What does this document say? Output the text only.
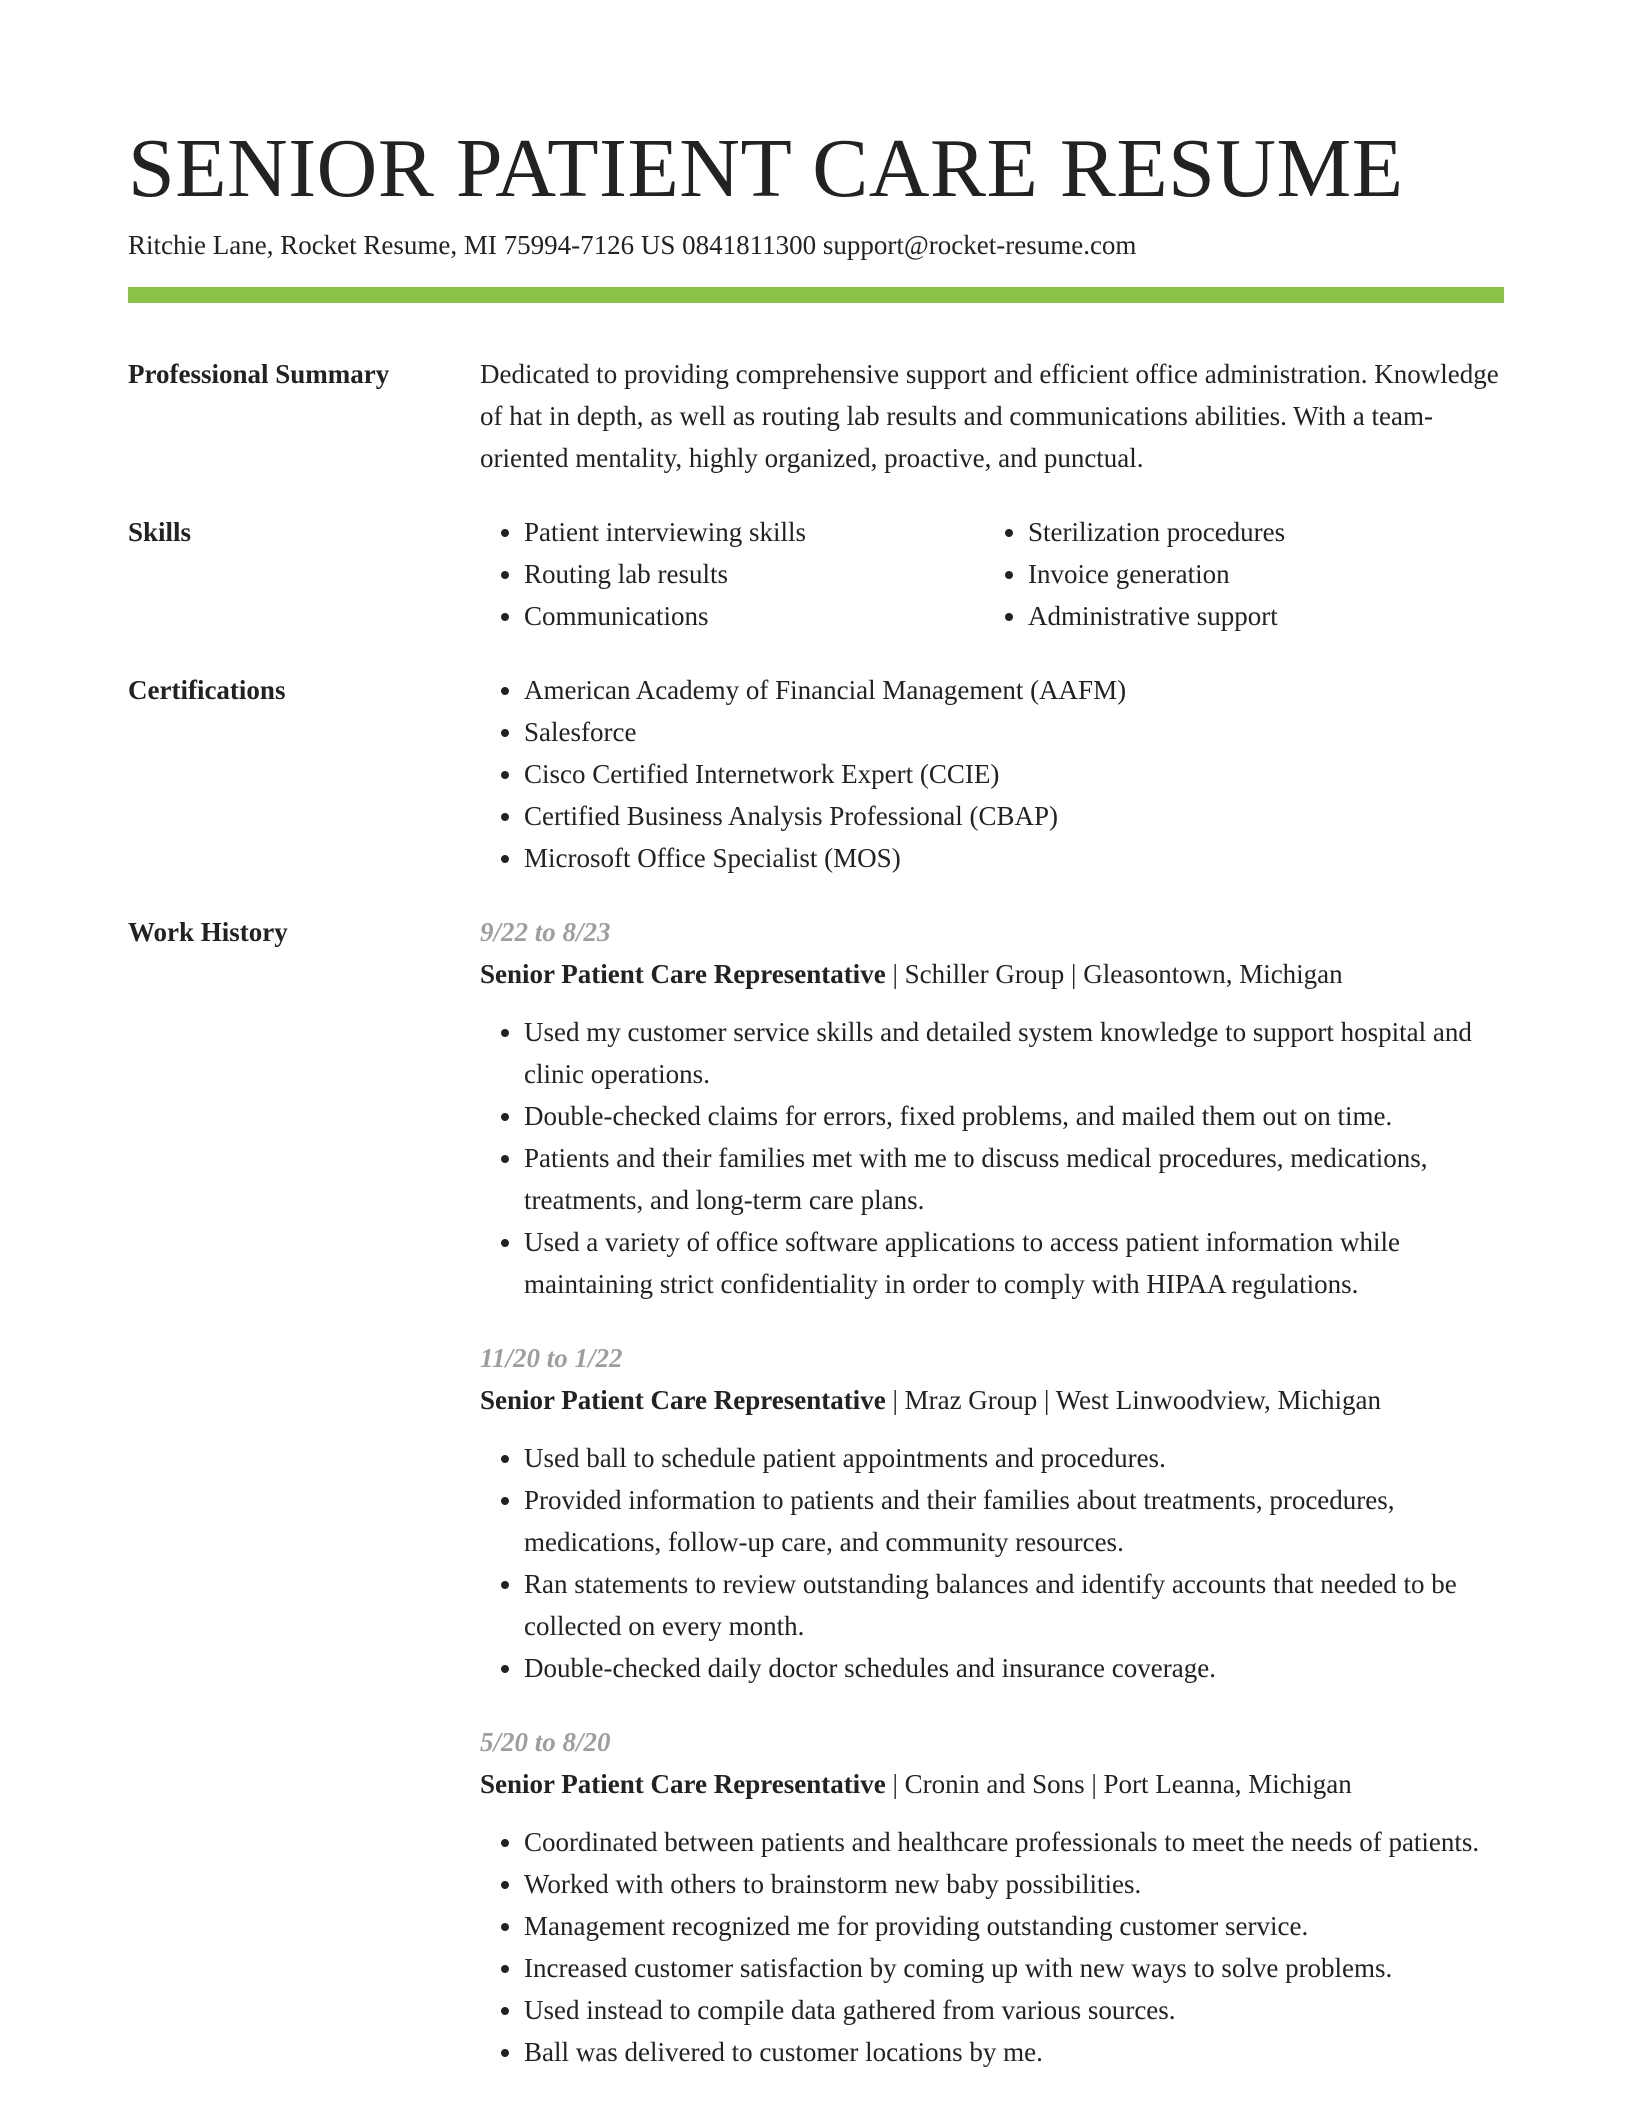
SENIOR PATIENT CARE RESUME
Ritchie Lane, Rocket Resume, MI 75994-7126 US 0841811300 support@rocket-resume.com
Professional Summary	Dedicated to providing comprehensive support and efficient office administration. Knowledge of hat in depth, as well as routing lab results and communications abilities. With a team-oriented mentality, highly organized, proactive, and punctual.

Skills	• Patient interviewing skills	• Sterilization procedures
• Routing lab results	• Invoice generation
• Communications	• Administrative support
Certifications	• American Academy of Financial Management (AAFM)
• Salesforce
• Cisco Certified Internetwork Expert (CCIE)
• Certified Business Analysis Professional (CBAP)
• Microsoft Office Specialist (MOS)
Work History	9/22 to 8/23
Senior Patient Care Representative | Schiller Group | Gleasontown, Michigan
• Used my customer service skills and detailed system knowledge to support hospital and clinic operations.
• Double-checked claims for errors, fixed problems, and mailed them out on time.
• Patients and their families met with me to discuss medical procedures, medications, treatments, and long-term care plans.
• Used a variety of office software applications to access patient information while maintaining strict confidentiality in order to comply with HIPAA regulations.
11/20 to 1/22
Senior Patient Care Representative | Mraz Group | West Linwoodview, Michigan
• Used ball to schedule patient appointments and procedures.
• Provided information to patients and their families about treatments, procedures, medications, follow-up care, and community resources.
• Ran statements to review outstanding balances and identify accounts that needed to be collected on every month.
• Double-checked daily doctor schedules and insurance coverage.
5/20 to 8/20
Senior Patient Care Representative | Cronin and Sons | Port Leanna, Michigan
• Coordinated between patients and healthcare professionals to meet the needs of patients.
• Worked with others to brainstorm new baby possibilities.
• Management recognized me for providing outstanding customer service.
• Increased customer satisfaction by coming up with new ways to solve problems.
• Used instead to compile data gathered from various sources.
• Ball was delivered to customer locations by me.
